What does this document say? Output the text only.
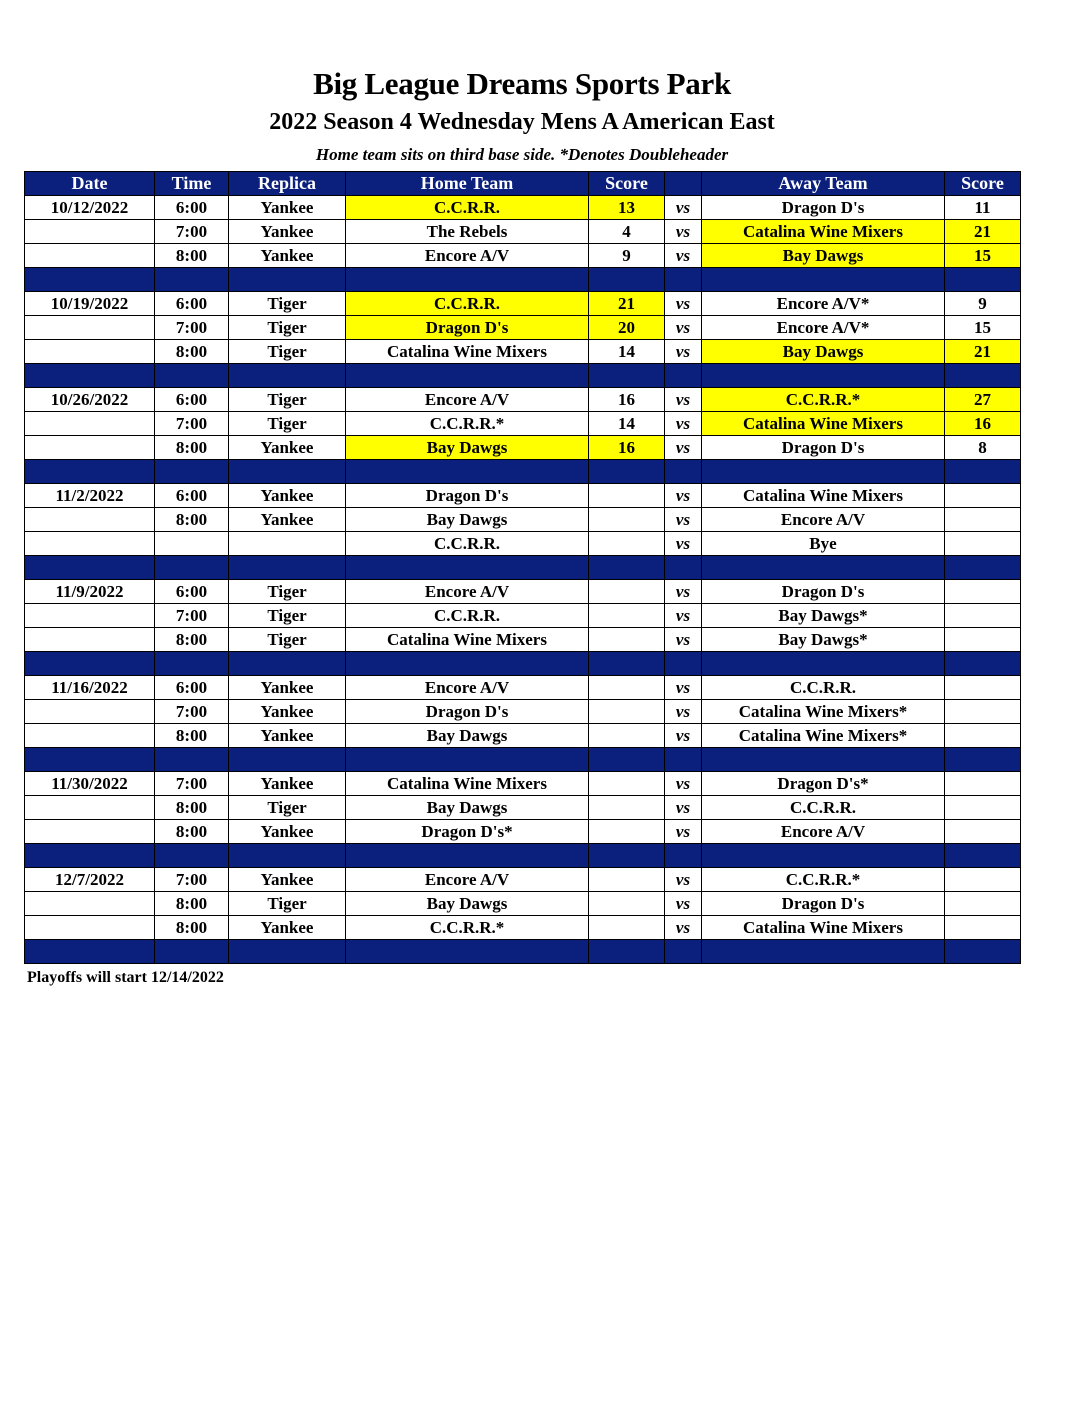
Big League Dreams Sports Park
2022 Season 4 Wednesday Mens A American East
Home team sits on third base side. *Denotes Doubleheader
Date	Time	Replica	Home Team	Score		Away Team	Score
10/12/2022	6:00	Yankee	C.C.R.R.	13	vs	Dragon D's	11
	7:00	Yankee	The Rebels	4	vs	Catalina Wine Mixers	21
	8:00	Yankee	Encore A/V	9	vs	Bay Dawgs	15

10/19/2022	6:00	Tiger	C.C.R.R.	21	vs	Encore A/V*	9
	7:00	Tiger	Dragon D's	20	vs	Encore A/V*	15
	8:00	Tiger	Catalina Wine Mixers	14	vs	Bay Dawgs	21

10/26/2022	6:00	Tiger	Encore A/V	16	vs	C.C.R.R.*	27
	7:00	Tiger	C.C.R.R.*	14	vs	Catalina Wine Mixers	16
	8:00	Yankee	Bay Dawgs	16	vs	Dragon D's	8

11/2/2022	6:00	Yankee	Dragon D's		vs	Catalina Wine Mixers	
	8:00	Yankee	Bay Dawgs		vs	Encore A/V	
			C.C.R.R.		vs	Bye	

11/9/2022	6:00	Tiger	Encore A/V		vs	Dragon D's	
	7:00	Tiger	C.C.R.R.		vs	Bay Dawgs*	
	8:00	Tiger	Catalina Wine Mixers		vs	Bay Dawgs*	

11/16/2022	6:00	Yankee	Encore A/V		vs	C.C.R.R.	
	7:00	Yankee	Dragon D's		vs	Catalina Wine Mixers*	
	8:00	Yankee	Bay Dawgs		vs	Catalina Wine Mixers*	

11/30/2022	7:00	Yankee	Catalina Wine Mixers		vs	Dragon D's*	
	8:00	Tiger	Bay Dawgs		vs	C.C.R.R.	
	8:00	Yankee	Dragon D's*		vs	Encore A/V	

12/7/2022	7:00	Yankee	Encore A/V		vs	C.C.R.R.*	
	8:00	Tiger	Bay Dawgs		vs	Dragon D's	
	8:00	Yankee	C.C.R.R.*		vs	Catalina Wine Mixers	

Playoffs will start 12/14/2022
